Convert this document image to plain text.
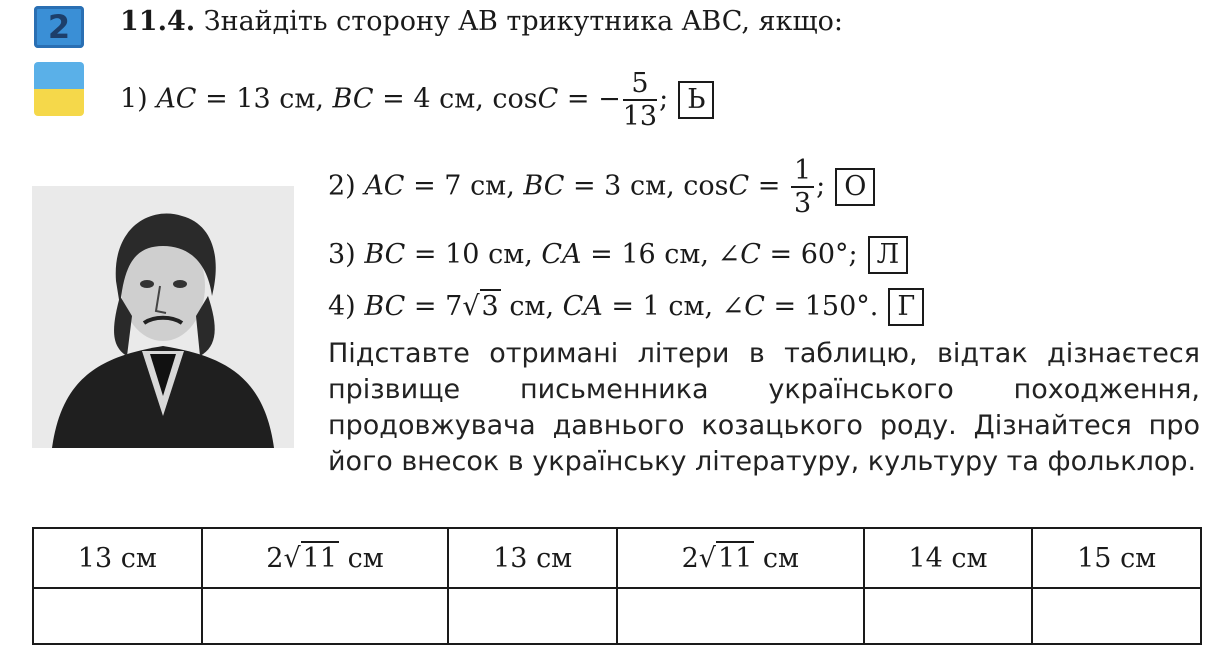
2	11.4. Знайдіть сторону AB трикутника ABC, якщо:
1) AC = 13 см, BC = 4 см, cosC = − $\frac{5}{13}$ ; Ь
2) AC = 7 см, BC = 3 см, $\cos C = \frac{1}{3}$ ; О
3) BC = 10 см, CA = 16 см, ∠C = 60°; Л
4) BC = 7√3 см, CA = 1 см, ∠C = 150°. Г
Підставте отримані літери в таблицю, відтак дізнаєтеся прізвище письменника українського походження, продовжувача давнього козацького роду. Дізнайтеся про його внесок в українську літературу, культуру та фольклор.
13 см	2√11 см	13 см	2√11 см	14 см	15 см
